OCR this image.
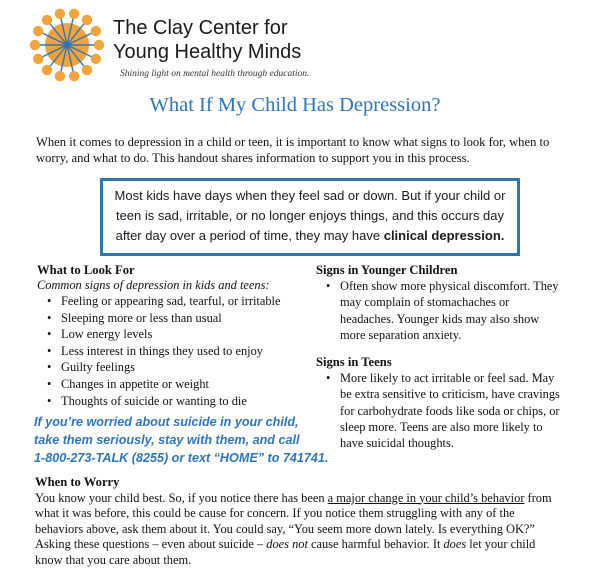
The Clay Center for
Young Healthy Minds
Shining light on mental health through education.
What If My Child Has Depression?
When it comes to depression in a child or teen, it is important to know what signs to look for, when to worry, and what to do. This handout shares information to support you in this process.
Most kids have days when they feel sad or down. But if your child or teen is sad, irritable, or no longer enjoys things, and this occurs day after day over a period of time, they may have clinical depression.
What to Look For
Common signs of depression in kids and teens:
• Feeling or appearing sad, tearful, or irritable
• Sleeping more or less than usual
• Low energy levels
• Less interest in things they used to enjoy
• Guilty feelings
• Changes in appetite or weight
• Thoughts of suicide or wanting to die
Signs in Younger Children
• Often show more physical discomfort. They may complain of stomachaches or headaches. Younger kids may also show more separation anxiety.
Signs in Teens
• More likely to act irritable or feel sad. May be extra sensitive to criticism, have cravings for carbohydrate foods like soda or chips, or sleep more. Teens are also more likely to have suicidal thoughts.
If you’re worried about suicide in your child,
take them seriously, stay with them, and call
1-800-273-TALK (8255) or text “HOME” to 741741.
When to Worry
You know your child best. So, if you notice there has been a major change in your child’s behavior from what it was before, this could be cause for concern. If you notice them struggling with any of the behaviors above, ask them about it. You could say, “You seem more down lately. Is everything OK?” Asking these questions – even about suicide – does not cause harmful behavior. It does let your child know that you care about them.
